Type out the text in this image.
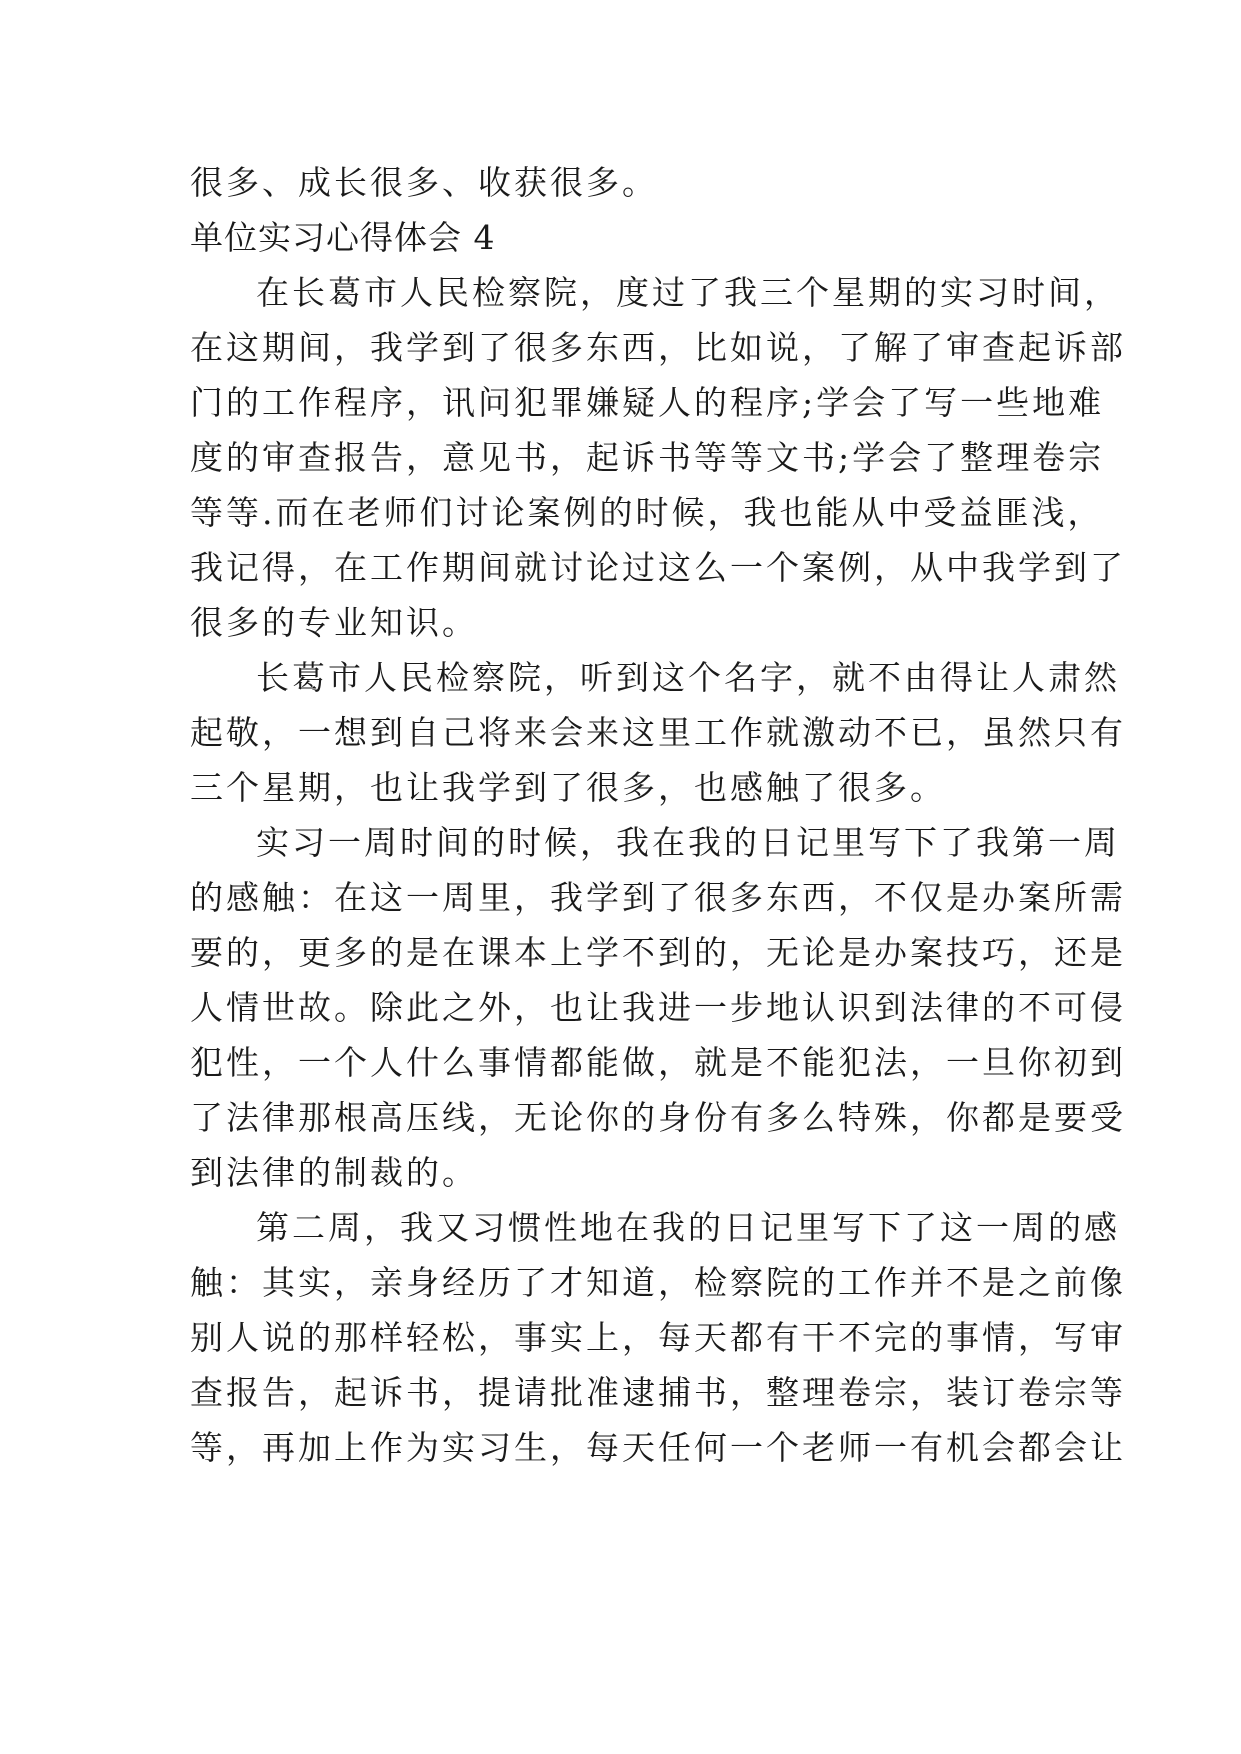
很多、成长很多、收获很多。
单位实习心得体会 4
在长葛市人民检察院，度过了我三个星期的实习时间，
在这期间，我学到了很多东西，比如说，了解了审查起诉部
门的工作程序，讯问犯罪嫌疑人的程序;学会了写一些地难
度的审查报告，意见书，起诉书等等文书;学会了整理卷宗
等等.而在老师们讨论案例的时候，我也能从中受益匪浅，
我记得，在工作期间就讨论过这么一个案例，从中我学到了
很多的专业知识。
长葛市人民检察院，听到这个名字，就不由得让人肃然
起敬，一想到自己将来会来这里工作就激动不已，虽然只有
三个星期，也让我学到了很多，也感触了很多。
实习一周时间的时候，我在我的日记里写下了我第一周
的感触：在这一周里，我学到了很多东西，不仅是办案所需
要的，更多的是在课本上学不到的，无论是办案技巧，还是
人情世故。除此之外，也让我进一步地认识到法律的不可侵
犯性，一个人什么事情都能做，就是不能犯法，一旦你初到
了法律那根高压线，无论你的身份有多么特殊，你都是要受
到法律的制裁的。
第二周，我又习惯性地在我的日记里写下了这一周的感
触：其实，亲身经历了才知道，检察院的工作并不是之前像
别人说的那样轻松，事实上，每天都有干不完的事情，写审
查报告，起诉书，提请批准逮捕书，整理卷宗，装订卷宗等
等，再加上作为实习生，每天任何一个老师一有机会都会让
